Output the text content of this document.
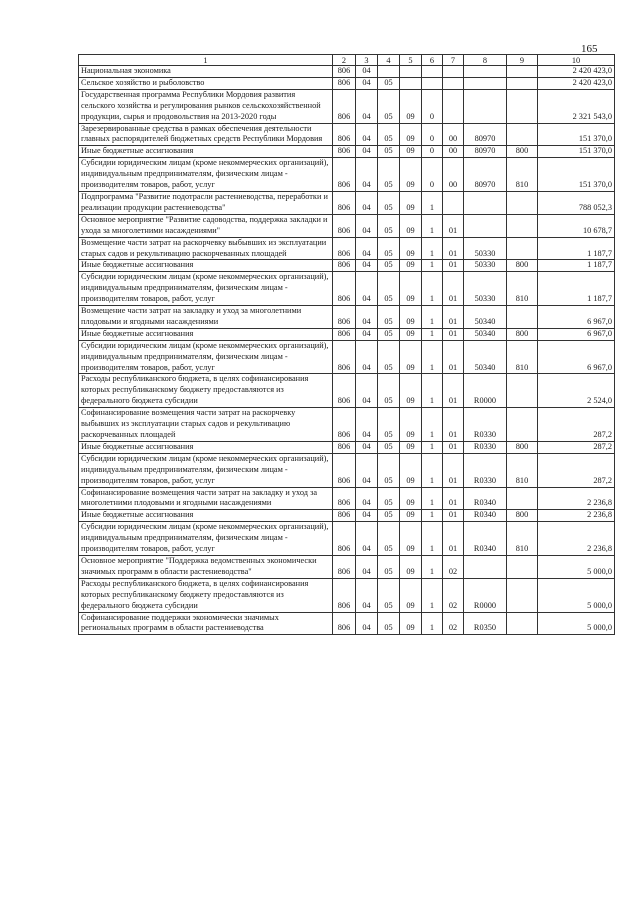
165
1	2	3	4	5	6	7	8	9	10
Национальная экономика	806	04							2 420 423,0
Сельское хозяйство и рыболовство	806	04	05						2 420 423,0
Государственная программа Республики Мордовия развития сельского хозяйства и регулирования рынков сельскохозяйственной продукции, сырья и продовольствия на 2013-2020 годы	806	04	05	09	0				2 321 543,0
Зарезервированные средства в рамках обеспечения деятельности главных распорядителей бюджетных средств Республики Мордовия	806	04	05	09	0	00	80970		151 370,0
Иные бюджетные ассигнования	806	04	05	09	0	00	80970	800	151 370,0
Субсидии юридическим лицам (кроме некоммерческих организаций), индивидуальным предпринимателям, физическим лицам - производителям товаров, работ, услуг	806	04	05	09	0	00	80970	810	151 370,0
Подпрограмма "Развитие подотрасли растениеводства, переработки и реализации продукции растениеводства"	806	04	05	09	1				788 052,3
Основное мероприятие "Развитие садоводства, поддержка закладки и ухода за многолетними насаждениями"	806	04	05	09	1	01			10 678,7
Возмещение части затрат на раскорчевку выбывших из эксплуатации старых садов и рекультивацию раскорчеванных площадей	806	04	05	09	1	01	50330		1 187,7
Иные бюджетные ассигнования	806	04	05	09	1	01	50330	800	1 187,7
Субсидии юридическим лицам (кроме некоммерческих организаций), индивидуальным предпринимателям, физическим лицам - производителям товаров, работ, услуг	806	04	05	09	1	01	50330	810	1 187,7
Возмещение части затрат на закладку и уход за многолетними плодовыми и ягодными насаждениями	806	04	05	09	1	01	50340		6 967,0
Иные бюджетные ассигнования	806	04	05	09	1	01	50340	800	6 967,0
Субсидии юридическим лицам (кроме некоммерческих организаций), индивидуальным предпринимателям, физическим лицам - производителям товаров, работ, услуг	806	04	05	09	1	01	50340	810	6 967,0
Расходы республиканского бюджета, в целях софинансирования которых республиканскому бюджету предоставляются из федерального бюджета субсидии	806	04	05	09	1	01	R0000		2 524,0
Софинансирование возмещения части затрат на раскорчевку выбывших из эксплуатации старых садов и рекультивацию раскорчеванных площадей	806	04	05	09	1	01	R0330		287,2
Иные бюджетные ассигнования	806	04	05	09	1	01	R0330	800	287,2
Субсидии юридическим лицам (кроме некоммерческих организаций), индивидуальным предпринимателям, физическим лицам - производителям товаров, работ, услуг	806	04	05	09	1	01	R0330	810	287,2
Софинансирование возмещения части затрат на закладку и уход за многолетними плодовыми и ягодными насаждениями	806	04	05	09	1	01	R0340		2 236,8
Иные бюджетные ассигнования	806	04	05	09	1	01	R0340	800	2 236,8
Субсидии юридическим лицам (кроме некоммерческих организаций), индивидуальным предпринимателям, физическим лицам - производителям товаров, работ, услуг	806	04	05	09	1	01	R0340	810	2 236,8
Основное мероприятие "Поддержка ведомственных экономически значимых программ в области растениеводства"	806	04	05	09	1	02			5 000,0
Расходы республиканского бюджета, в целях софинансирования которых республиканскому бюджету предоставляются из федерального бюджета субсидии	806	04	05	09	1	02	R0000		5 000,0
Софинансирование поддержки экономически значимых региональных программ в области растениеводства	806	04	05	09	1	02	R0350		5 000,0
